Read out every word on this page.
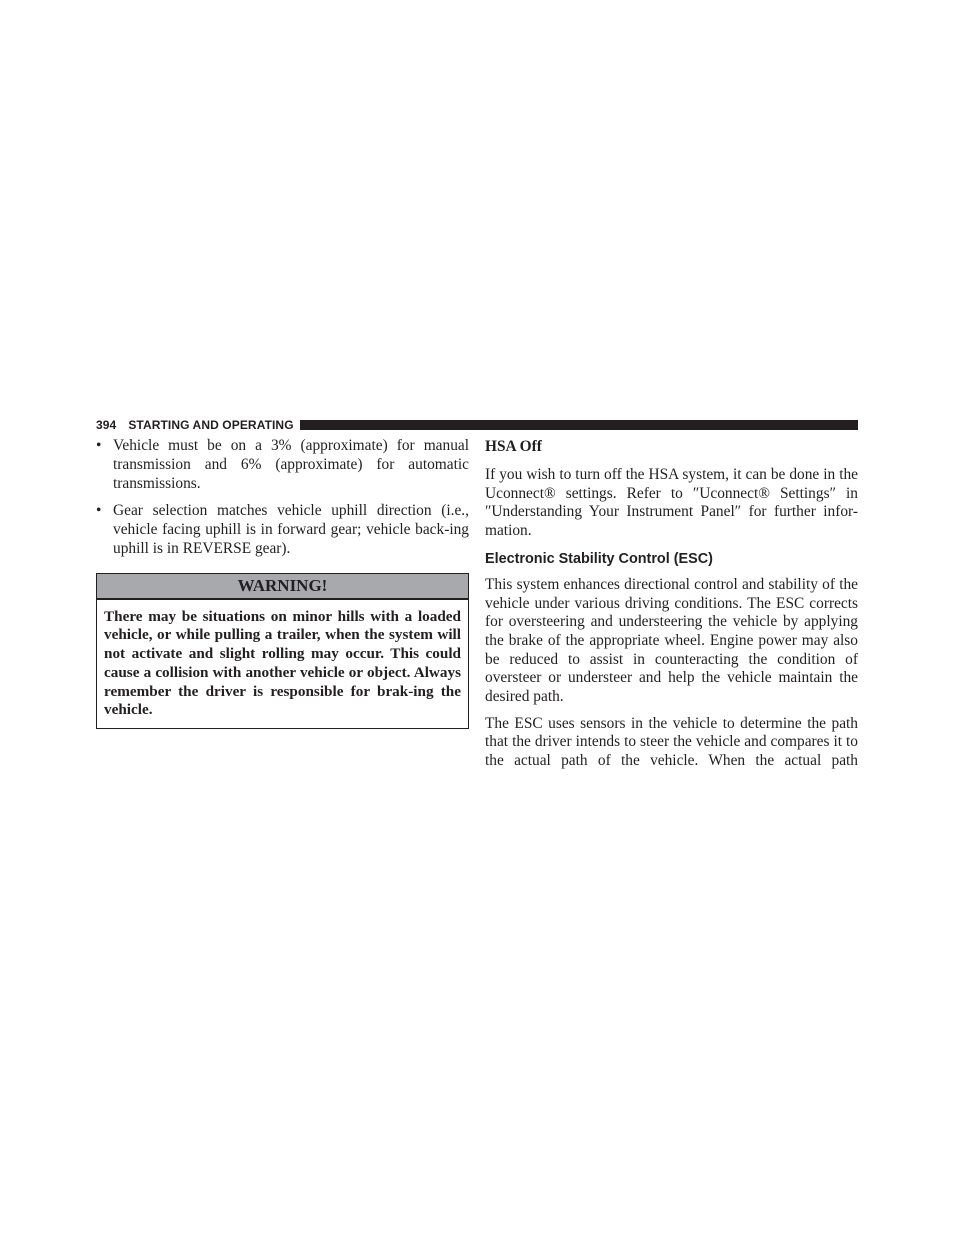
394 STARTING AND OPERATING
• Vehicle must be on a 3% (approximate) for manual transmission and 6% (approximate) for automatic transmissions.
• Gear selection matches vehicle uphill direction (i.e., vehicle facing uphill is in forward gear; vehicle back-ing uphill is in REVERSE gear).
WARNING!
There may be situations on minor hills with a loaded vehicle, or while pulling a trailer, when the system will not activate and slight rolling may occur. This could cause a collision with another vehicle or object. Always remember the driver is responsible for brak-ing the vehicle.
HSA Off

If you wish to turn off the HSA system, it can be done in the Uconnect® settings. Refer to ″Uconnect® Settings″ in ″Understanding Your Instrument Panel″ for further infor-mation.

Electronic Stability Control (ESC)

This system enhances directional control and stability of the vehicle under various driving conditions. The ESC corrects for oversteering and understeering the vehicle by applying the brake of the appropriate wheel. Engine power may also be reduced to assist in counteracting the condition of oversteer or understeer and help the vehicle maintain the desired path.

The ESC uses sensors in the vehicle to determine the path that the driver intends to steer the vehicle and compares it to the actual path of the vehicle. When the actual path
